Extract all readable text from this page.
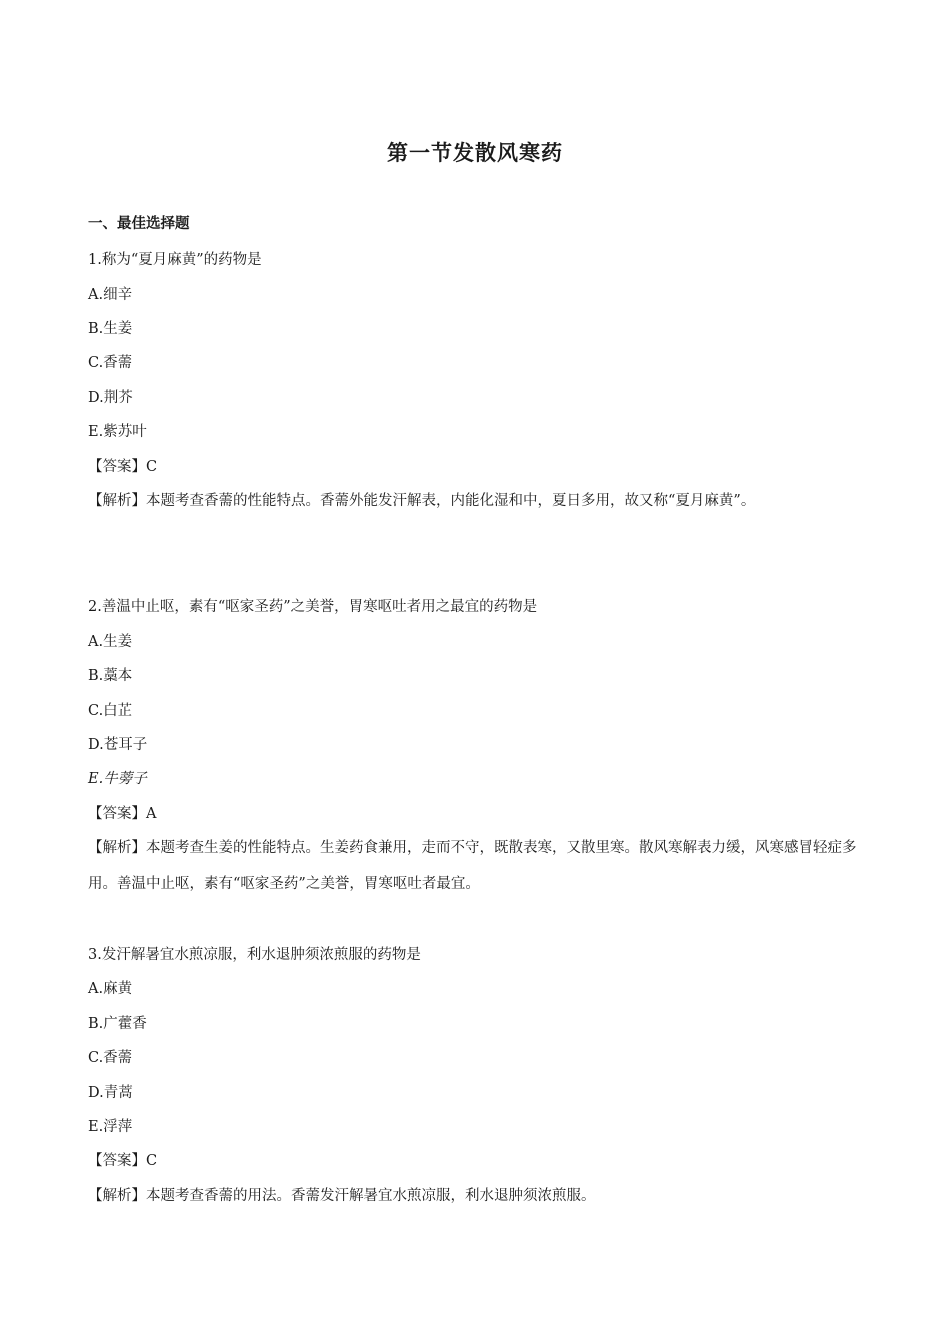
第一节发散风寒药
一、最佳选择题
1.称为“夏月麻黄”的药物是
A.细辛
B.生姜
C.香薷
D.荆芥
E.紫苏叶
【答案】C
【解析】本题考查香薷的性能特点。香薷外能发汗解表，内能化湿和中，夏日多用，故又称“夏月麻黄”。
2.善温中止呕，素有“呕家圣药”之美誉，胃寒呕吐者用之最宜的药物是
A.生姜
B.藁本
C.白芷
D.苍耳子
E.牛蒡子
【答案】A
【解析】本题考查生姜的性能特点。生姜药食兼用，走而不守，既散表寒，又散里寒。散风寒解表力缓，风寒感冒轻症多用。善温中止呕，素有“呕家圣药”之美誉，胃寒呕吐者最宜。
3.发汗解暑宜水煎凉服，利水退肿须浓煎服的药物是
A.麻黄
B.广藿香
C.香薷
D.青蒿
E.浮萍
【答案】C
【解析】本题考查香薷的用法。香薷发汗解暑宜水煎凉服，利水退肿须浓煎服。
